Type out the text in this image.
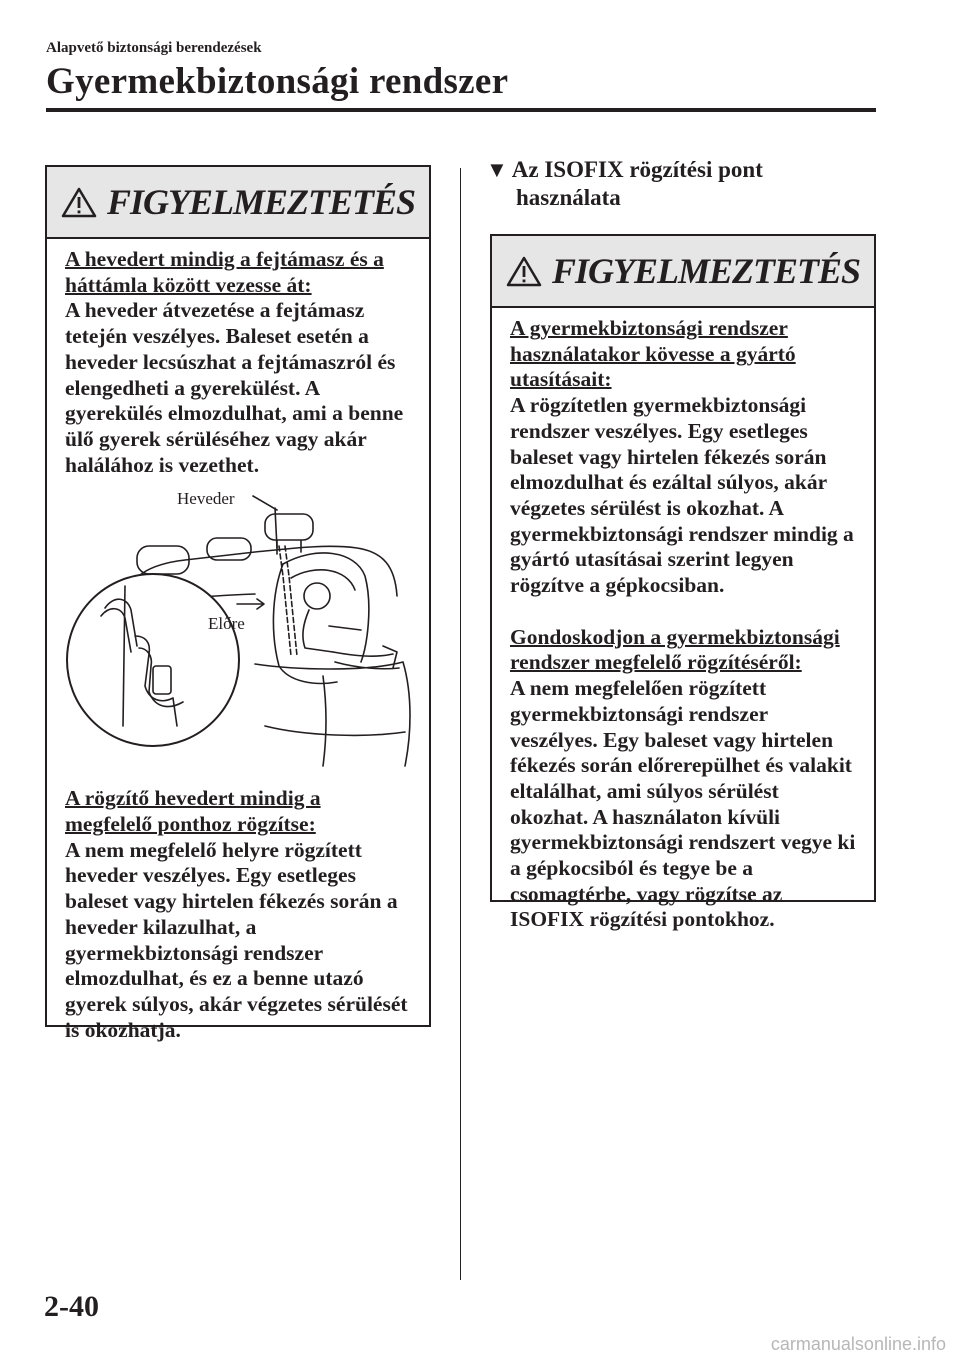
Alapvető biztonsági berendezések
Gyermekbiztonsági rendszer
FIGYELMEZTETÉS

A hevedert mindig a fejtámasz és a háttámla között vezesse át:

A heveder átvezetése a fejtámasz tetején veszélyes. Baleset esetén a heveder lecsúszhat a fejtámaszról és elengedheti a gyerekülést. A gyerekülés elmozdulhat, ami a benne ülő gyerek sérüléséhez vagy akár halálához is vezethet.

Heveder
Előre

A rögzítő hevedert mindig a megfelelő ponthoz rögzítse:

A nem megfelelő helyre rögzített heveder veszélyes. Egy esetleges baleset vagy hirtelen fékezés során a heveder kilazulhat, a gyermekbiztonsági rendszer elmozdulhat, és ez a benne utazó gyerek súlyos, akár végzetes sérülését is okozhatja.

▼ Az ISOFIX rögzítési pont
használata
FIGYELMEZTETÉS

A gyermekbiztonsági rendszer használatakor kövesse a gyártó utasításait:

A rögzítetlen gyermekbiztonsági rendszer veszélyes. Egy esetleges baleset vagy hirtelen fékezés során elmozdulhat és ezáltal súlyos, akár végzetes sérülést is okozhat. A gyermekbiztonsági rendszer mindig a gyártó utasításai szerint legyen rögzítve a gépkocsiban.

Gondoskodjon a gyermekbiztonsági rendszer megfelelő rögzítéséről:

A nem megfelelően rögzített gyermekbiztonsági rendszer veszélyes. Egy baleset vagy hirtelen fékezés során előrerepülhet és valakit eltalálhat, ami súlyos sérülést okozhat. A használaton kívüli gyermekbiztonsági rendszert vegye ki a gépkocsiból és tegye be a csomagtérbe, vagy rögzítse az ISOFIX rögzítési pontokhoz.

2-40
carmanualsonline.info
